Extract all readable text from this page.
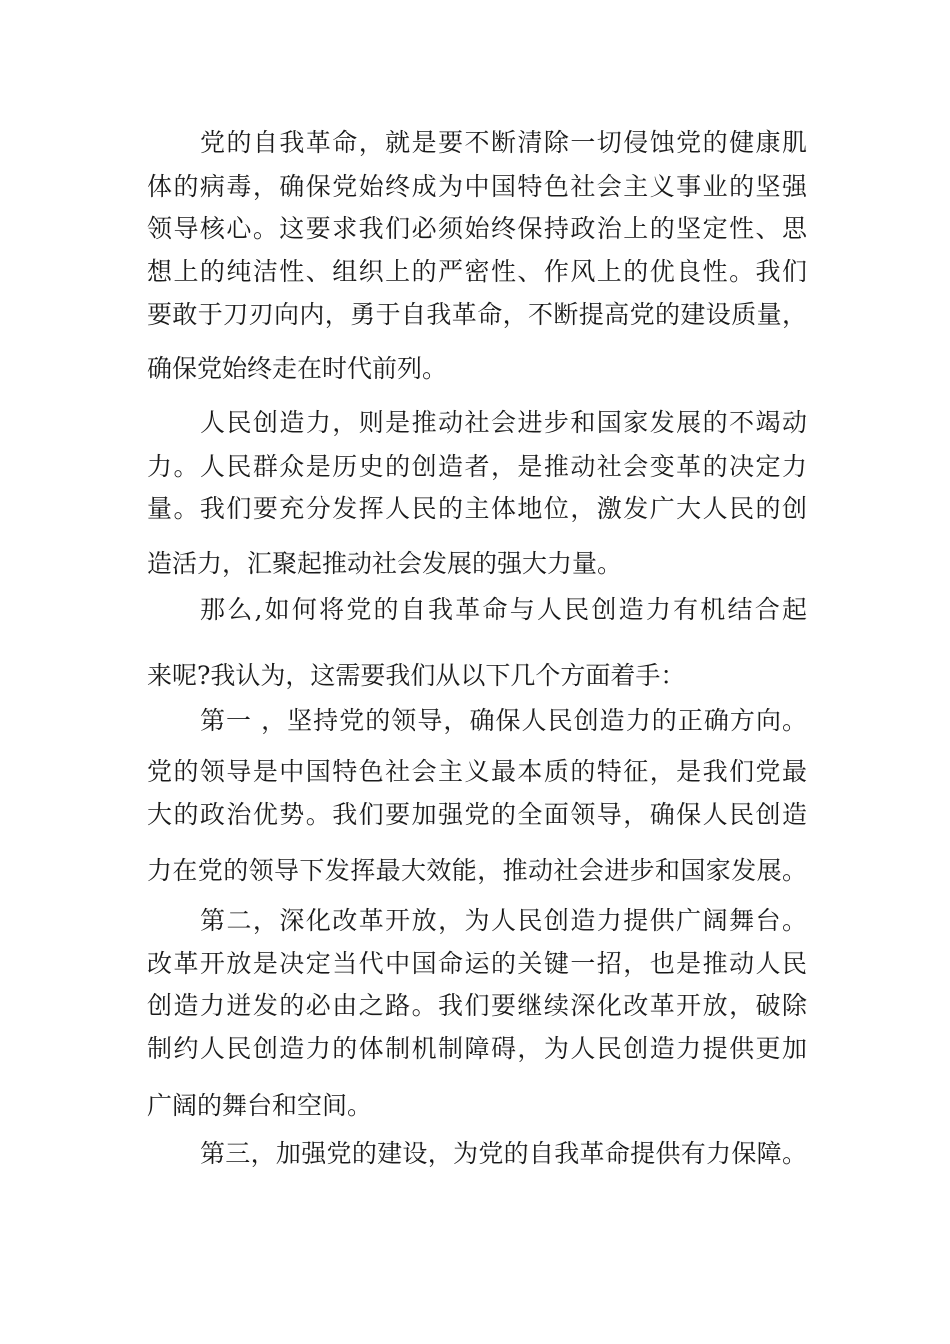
党的自我革命，就是要不断清除一切侵蚀党的健康肌
体的病毒，确保党始终成为中国特色社会主义事业的坚强
领导核心。这要求我们必须始终保持政治上的坚定性、思
想上的纯洁性、组织上的严密性、作风上的优良性。我们
要敢于刀刃向内，勇于自我革命，不断提高党的建设质量，
确保党始终走在时代前列。
人民创造力，则是推动社会进步和国家发展的不竭动
力。人民群众是历史的创造者，是推动社会变革的决定力
量。我们要充分发挥人民的主体地位，激发广大人民的创
造活力，汇聚起推动社会发展的强大力量。
那么,如何将党的自我革命与人民创造力有机结合起
来呢?我认为，这需要我们从以下几个方面着手：
第一 ，坚持党的领导，确保人民创造力的正确方向。
党的领导是中国特色社会主义最本质的特征，是我们党最
大的政治优势。我们要加强党的全面领导，确保人民创造
力在党的领导下发挥最大效能，推动社会进步和国家发展。
第二，深化改革开放，为人民创造力提供广阔舞台。
改革开放是决定当代中国命运的关键一招，也是推动人民
创造力迸发的必由之路。我们要继续深化改革开放，破除
制约人民创造力的体制机制障碍，为人民创造力提供更加
广阔的舞台和空间。
第三，加强党的建设，为党的自我革命提供有力保障。
